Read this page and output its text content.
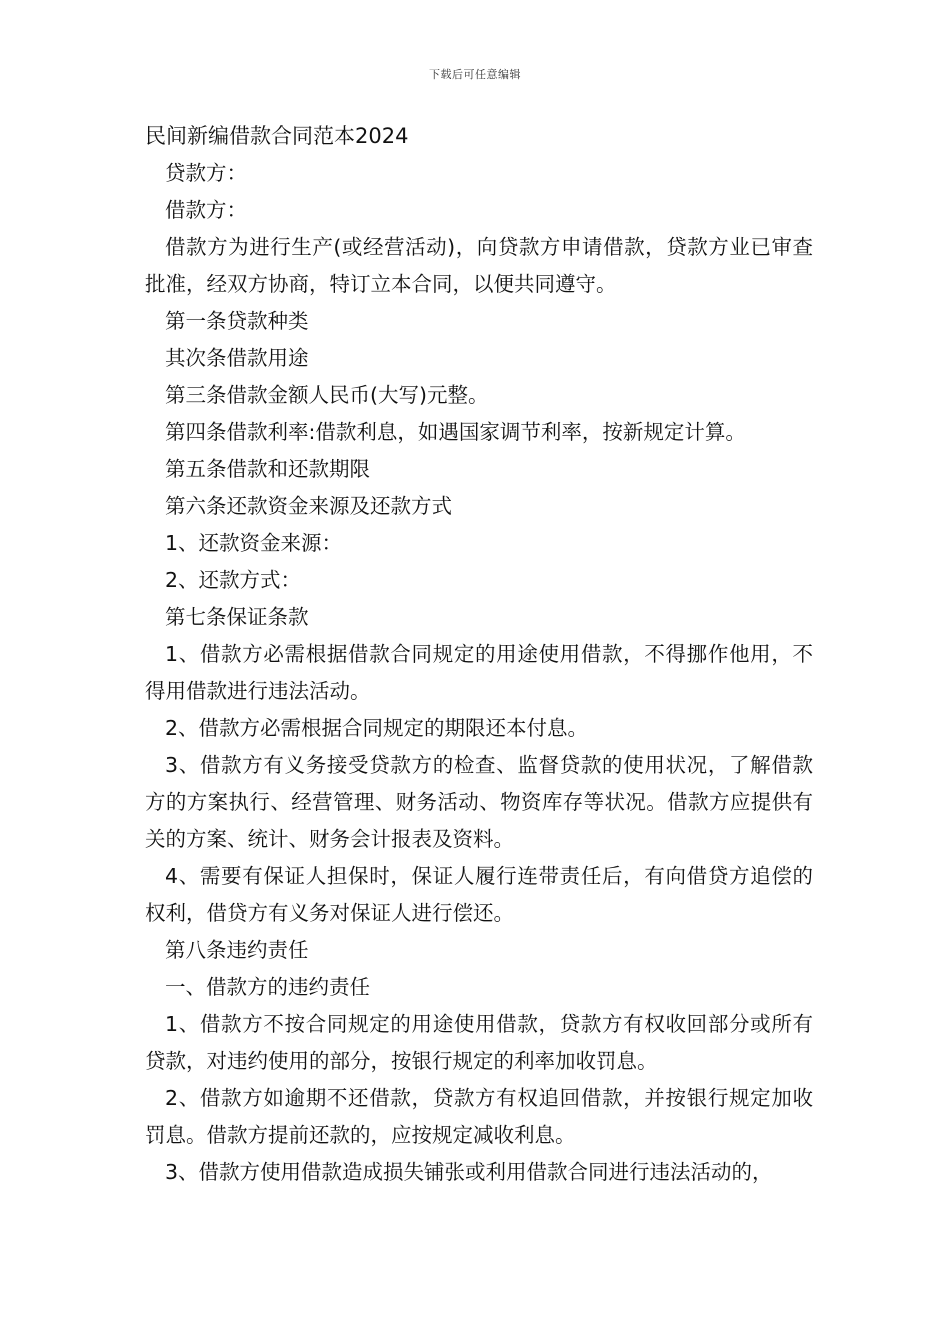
下载后可任意编辑

民间新编借款合同范本2024

贷款方：

借款方：

借款方为进行生产(或经营活动)，向贷款方申请借款，贷款方业已审查批准，经双方协商，特订立本合同，以便共同遵守。

第一条贷款种类

其次条借款用途

第三条借款金额人民币(大写)元整。

第四条借款利率:借款利息，如遇国家调节利率，按新规定计算。

第五条借款和还款期限

第六条还款资金来源及还款方式

1、还款资金来源：

2、还款方式：

第七条保证条款

1、借款方必需根据借款合同规定的用途使用借款，不得挪作他用，不得用借款进行违法活动。

2、借款方必需根据合同规定的期限还本付息。

3、借款方有义务接受贷款方的检查、监督贷款的使用状况，了解借款方的方案执行、经营管理、财务活动、物资库存等状况。借款方应提供有关的方案、统计、财务会计报表及资料。

4、需要有保证人担保时，保证人履行连带责任后，有向借贷方追偿的权利，借贷方有义务对保证人进行偿还。

第八条违约责任

一、借款方的违约责任

1、借款方不按合同规定的用途使用借款，贷款方有权收回部分或所有贷款，对违约使用的部分，按银行规定的利率加收罚息。

2、借款方如逾期不还借款，贷款方有权追回借款，并按银行规定加收罚息。借款方提前还款的，应按规定减收利息。

3、借款方使用借款造成损失铺张或利用借款合同进行违法活动的，
